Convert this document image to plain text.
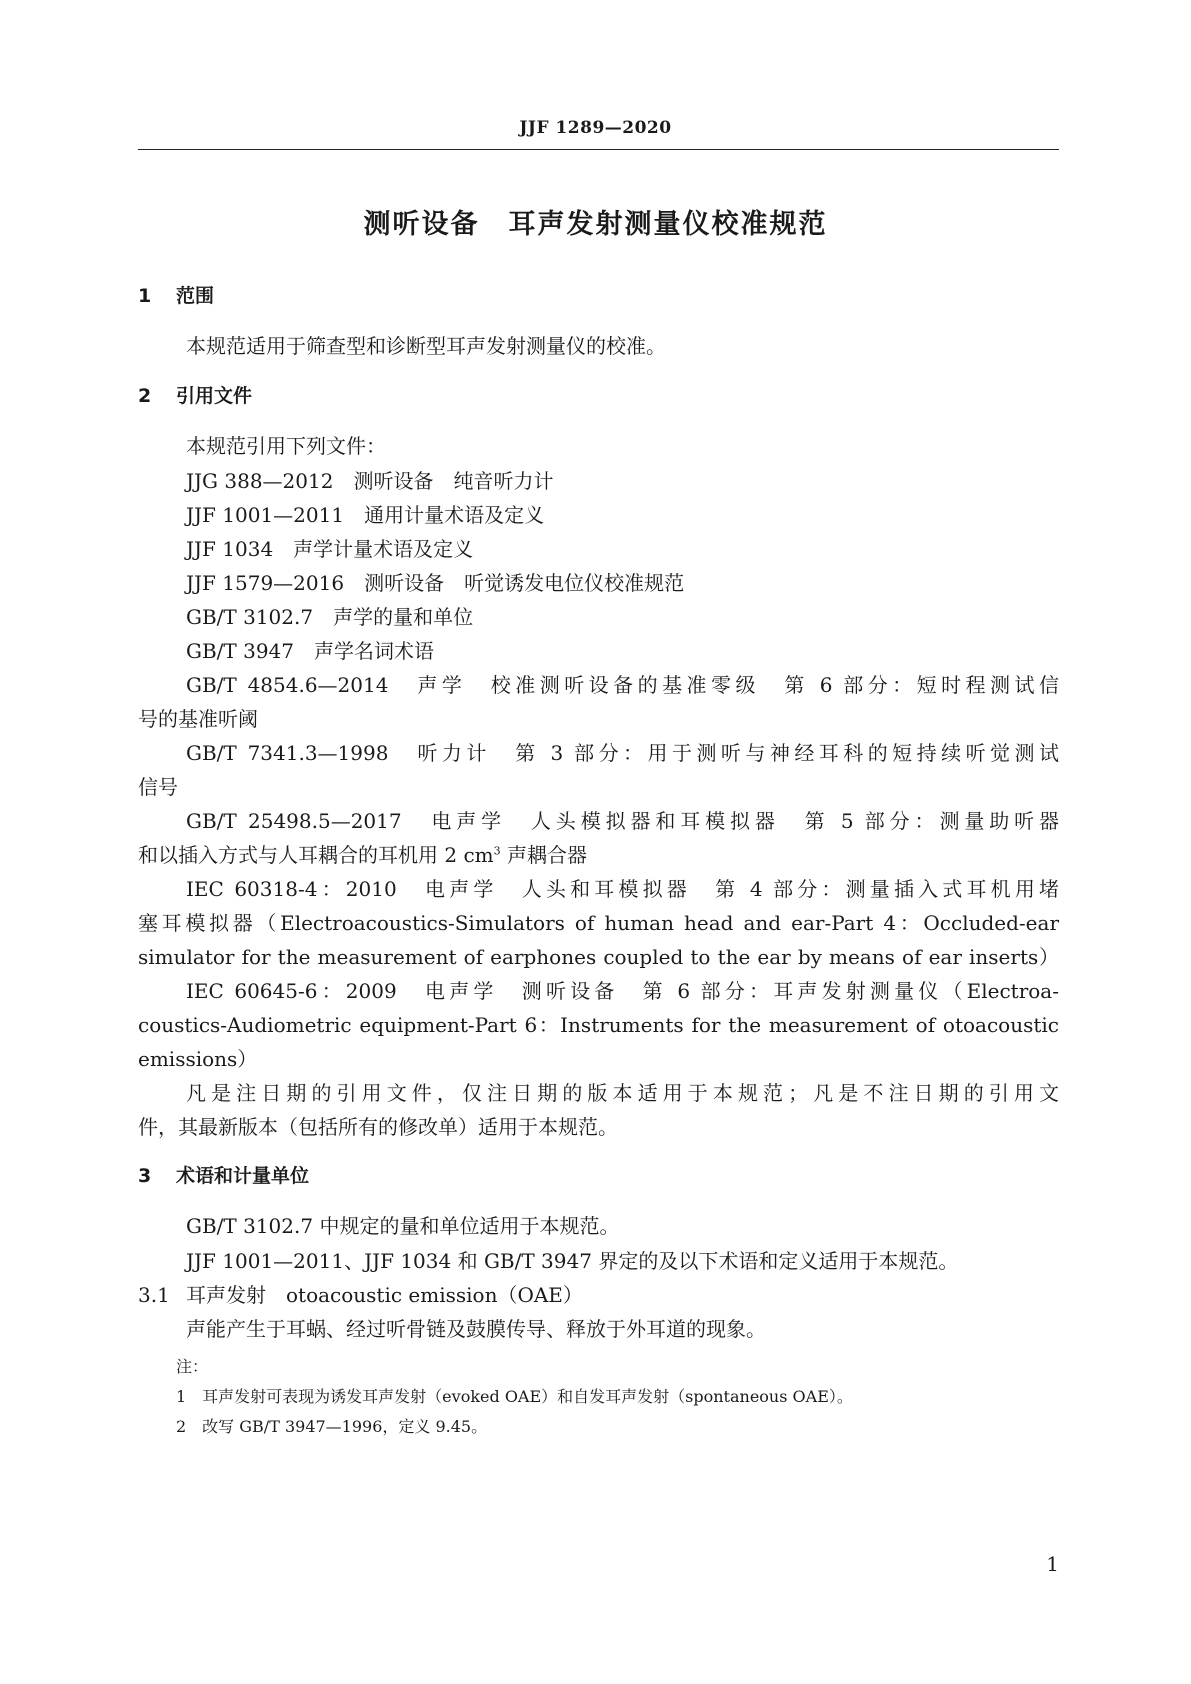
JJF 1289—2020
测听设备　耳声发射测量仪校准规范
1 范围
本规范适用于筛查型和诊断型耳声发射测量仪的校准。
2 引用文件
本规范引用下列文件：
JJG 388—2012　测听设备　纯音听力计
JJF 1001—2011　通用计量术语及定义
JJF 1034　声学计量术语及定义
JJF 1579—2016　测听设备　听觉诱发电位仪校准规范
GB/T 3102.7　声学的量和单位
GB/T 3947　声学名词术语
GB/T 4854.6—2014　声学　校准测听设备的基准零级　第 6 部分：短时程测试信
号的基准听阈
GB/T 7341.3—1998　听力计　第 3 部分：用于测听与神经耳科的短持续听觉测试
信号
GB/T 25498.5—2017　电声学　人头模拟器和耳模拟器　第 5 部分：测量助听器
和以插入方式与人耳耦合的耳机用 2 $cm^3$ 声耦合器
IEC 60318-4：2010　电声学　人头和耳模拟器　第 4 部分：测量插入式耳机用堵
塞耳模拟器（Electroacoustics-Simulators of human head and ear-Part 4：Occluded-ear
simulator for the measurement of earphones coupled to the ear by means of ear inserts）
IEC 60645-6：2009　电声学　测听设备　第 6 部分：耳声发射测量仪（Electroa-
coustics-Audiometric equipment-Part 6：Instruments for the measurement of otoacoustic
emissions）
凡是注日期的引用文件，仅注日期的版本适用于本规范；凡是不注日期的引用文
件，其最新版本（包括所有的修改单）适用于本规范。
3 术语和计量单位
GB/T 3102.7 中规定的量和单位适用于本规范。
JJF 1001—2011、JJF 1034 和 GB/T 3947 界定的及以下术语和定义适用于本规范。
3.1 耳声发射　otoacoustic emission（OAE）
声能产生于耳蜗、经过听骨链及鼓膜传导、释放于外耳道的现象。
注：
1　耳声发射可表现为诱发耳声发射（evoked OAE）和自发耳声发射（spontaneous OAE）。
2　改写 GB/T 3947—1996，定义 9.45。
1
